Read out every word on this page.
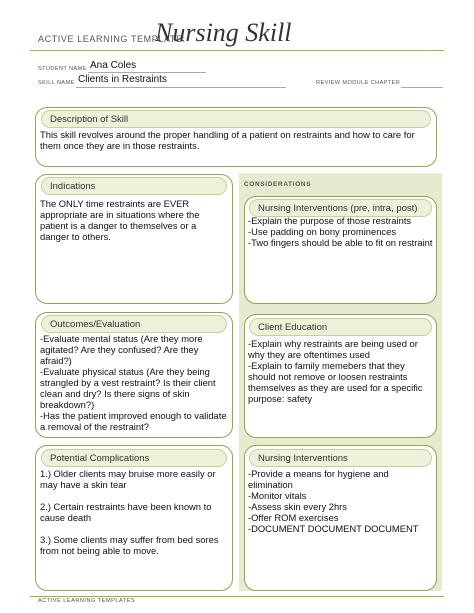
ACTIVE LEARNING TEMPLATE:
Nursing Skill
STUDENT NAME Ana Coles
SKILL NAME Clients in Restraints	REVIEW MODULE CHAPTER
Description of Skill
This skill revolves around the proper handling of a patient on restraints and how to care for them once they are in those restraints.
CONSIDERATIONS
Indications
The ONLY time restraints are EVER appropriate are in situations where the patient is a danger to themselves or a danger to others.
Nursing Interventions (pre, intra, post)
-Explain the purpose of those restraints
-Use padding on bony prominences
-Two fingers should be able to fit on restraint
Outcomes/Evaluation
-Evaluate mental status (Are they more agitated? Are they confused? Are they afraid?)
-Evaluate physical status (Are they being strangled by a vest restraint? Is their client clean and dry? Is there signs of skin breakdown?)
-Has the patient improved enough to validate a removal of the restraint?
Client Education
-Explain why restraints are being used or why they are oftentimes used
-Explain to family memebers that they should not remove or loosen restraints themselves as they are used for a specific purpose: safety
Potential Complications
1.) Older clients may bruise more easily or may have a skin tear

2.) Certain restraints have been known to cause death

3.) Some clients may suffer from bed sores from not being able to move.
Nursing Interventions
-Provide a means for hygiene and elimination
-Monitor vitals
-Assess skin every 2hrs
-Offer ROM exercises
-DOCUMENT DOCUMENT DOCUMENT
ACTIVE LEARNING TEMPLATES
